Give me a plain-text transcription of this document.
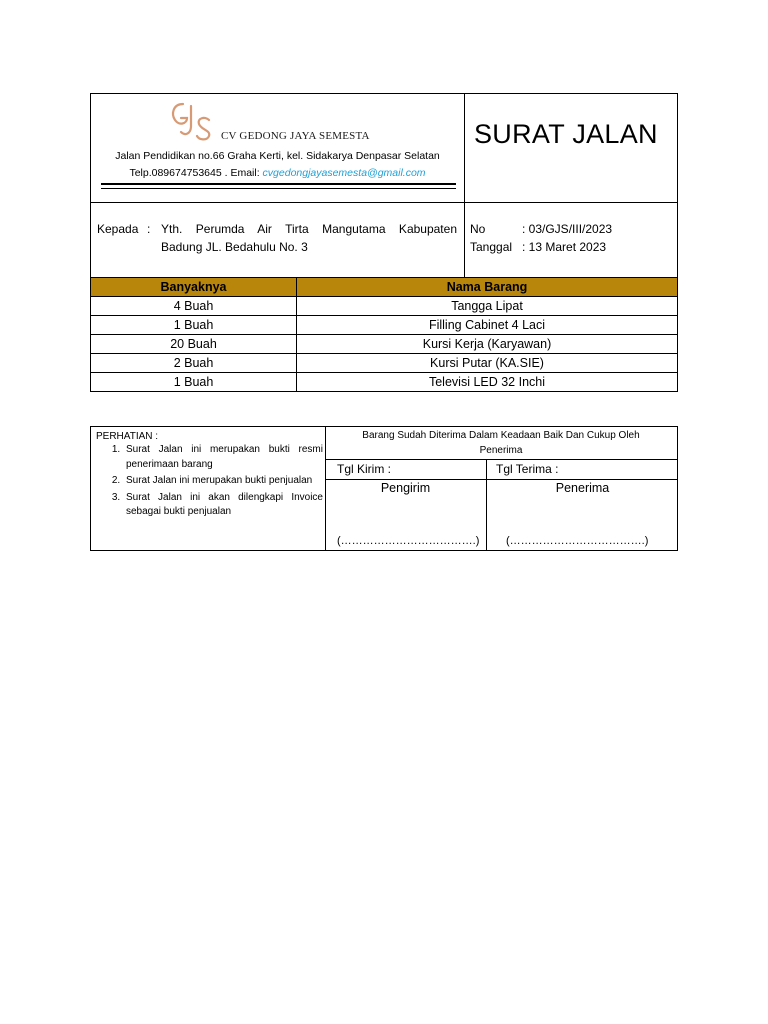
CV GEDONG JAYA SEMESTA
Jalan Pendidikan no.66 Graha Kerti, kel. Sidakarya Denpasar Selatan
Telp.089674753645 . Email: cvgedongjayasemesta@gmail.com
SURAT JALAN
Kepada : Yth. Perumda Air Tirta Mangutama Kabupaten
Badung JL. Bedahulu No. 3
No	: 03/GJS/III/2023
Tanggal : 13 Maret 2023
Banyaknya	Nama Barang
4 Buah	Tangga Lipat
1 Buah	Filling Cabinet 4 Laci
20 Buah	Kursi Kerja (Karyawan)
2 Buah	Kursi Putar (KA.SIE)
1 Buah	Televisi LED 32 Inchi
PERHATIAN :
1. Surat Jalan ini merupakan bukti resmi penerimaan barang
2. Surat Jalan ini merupakan bukti penjualan
3. Surat Jalan ini akan dilengkapi Invoice sebagai bukti penjualan
Barang Sudah Diterima Dalam Keadaan Baik Dan Cukup Oleh Penerima
Tgl Kirim :	Tgl Terima :
Pengirim	Penerima
(……………………………….) (……………………………….)
